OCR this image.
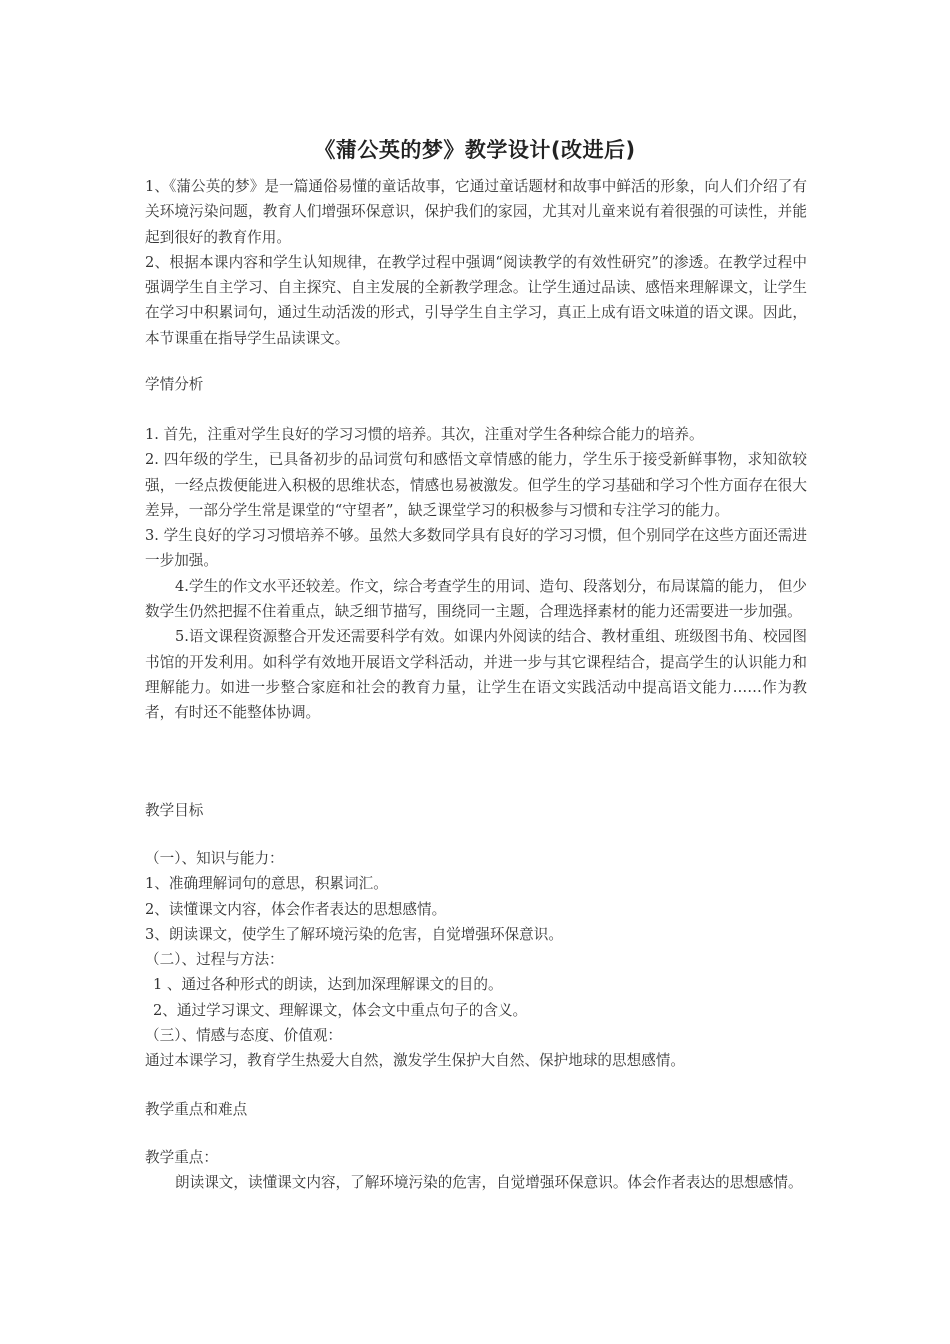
《蒲公英的梦》教学设计(改进后)

1、《蒲公英的梦》是一篇通俗易懂的童话故事，它通过童话题材和故事中鲜活的形象，向人们介绍了有关环境污染问题，教育人们增强环保意识，保护我们的家园，尤其对儿童来说有着很强的可读性，并能起到很好的教育作用。

2、根据本课内容和学生认知规律，在教学过程中强调“阅读教学的有效性研究”的渗透。在教学过程中强调学生自主学习、自主探究、自主发展的全新教学理念。让学生通过品读、感悟来理解课文，让学生在学习中积累词句，通过生动活泼的形式，引导学生自主学习，真正上成有语文味道的语文课。因此，本节课重在指导学生品读课文。

学情分析

1. 首先，注重对学生良好的学习习惯的培养。其次，注重对学生各种综合能力的培养。

2. 四年级的学生，已具备初步的品词赏句和感悟文章情感的能力，学生乐于接受新鲜事物，求知欲较强，一经点拨便能进入积极的思维状态，情感也易被激发。但学生的学习基础和学习个性方面存在很大差异，一部分学生常是课堂的“守望者”，缺乏课堂学习的积极参与习惯和专注学习的能力。

3. 学生良好的学习习惯培养不够。虽然大多数同学具有良好的学习习惯，但个别同学在这些方面还需进一步加强。

4.学生的作文水平还较差。作文，综合考查学生的用词、造句、段落划分，布局谋篇的能力， 但少数学生仍然把握不住着重点，缺乏细节描写，围绕同一主题，合理选择素材的能力还需要进一步加强。

5.语文课程资源整合开发还需要科学有效。如课内外阅读的结合、教材重组、班级图书角、校园图书馆的开发利用。如科学有效地开展语文学科活动，并进一步与其它课程结合，提高学生的认识能力和理解能力。如进一步整合家庭和社会的教育力量，让学生在语文实践活动中提高语文能力……作为教者，有时还不能整体协调。

教学目标

（一）、知识与能力：

1、准确理解词句的意思，积累词汇。

2、读懂课文内容，体会作者表达的思想感情。

3、朗读课文，使学生了解环境污染的危害，自觉增强环保意识。

（二）、过程与方法：

1 、通过各种形式的朗读，达到加深理解课文的目的。

2、通过学习课文、理解课文，体会文中重点句子的含义。

（三）、情感与态度、价值观：

通过本课学习，教育学生热爱大自然，激发学生保护大自然、保护地球的思想感情。

教学重点和难点

教学重点：

朗读课文，读懂课文内容，了解环境污染的危害，自觉增强环保意识。体会作者表达的思想感情。
